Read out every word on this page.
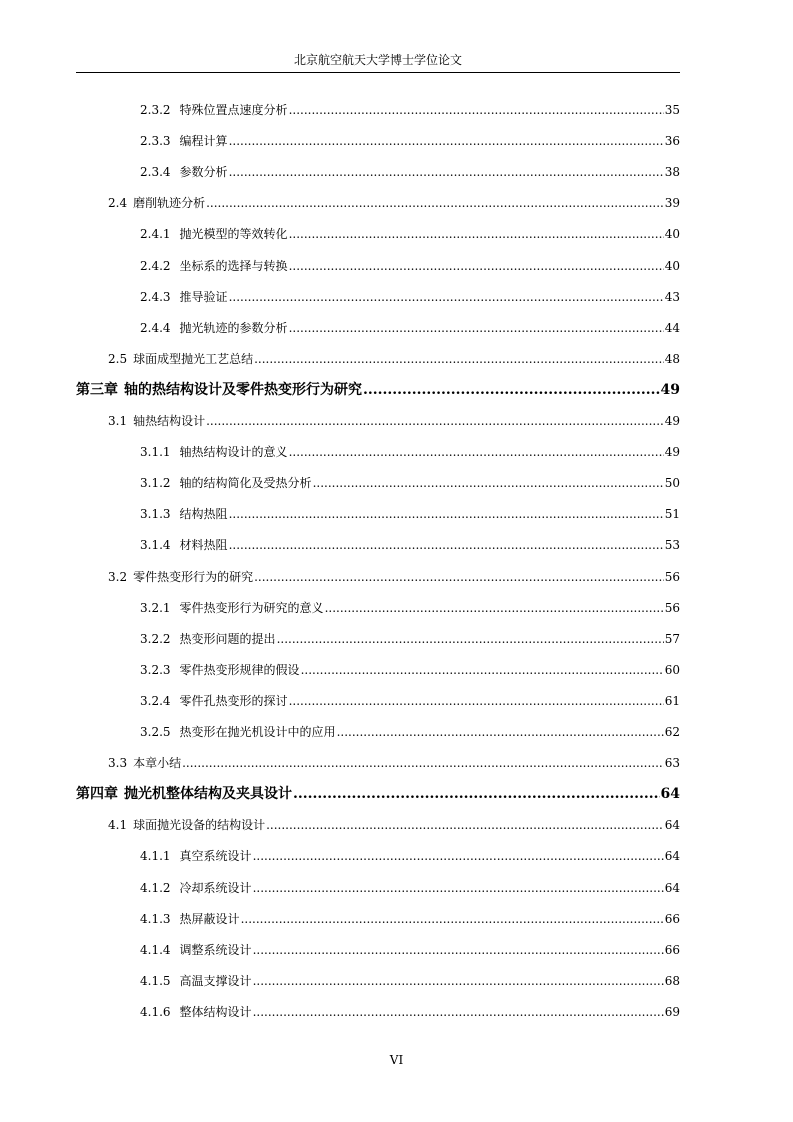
北京航空航天大学博士学位论文
2.3.2 特殊位置点速度分析 .....	35
2.3.3 编程计算 .....	36
2.3.4 参数分析 .....	38
2.4 磨削轨迹分析 .....	39
2.4.1 抛光模型的等效转化 .....	40
2.4.2 坐标系的选择与转换 .....	40
2.4.3 推导验证 .....	43
2.4.4 抛光轨迹的参数分析 .....	44
2.5 球面成型抛光工艺总结 .....	48
第三章 轴的热结构设计及零件热变形行为研究 .....	49
3.1 轴热结构设计 .....	49
3.1.1 轴热结构设计的意义 .....	49
3.1.2 轴的结构简化及受热分析 .....	50
3.1.3 结构热阻 .....	51
3.1.4 材料热阻 .....	53
3.2 零件热变形行为的研究 .....	56
3.2.1 零件热变形行为研究的意义 .....	56
3.2.2 热变形问题的提出 .....	57
3.2.3 零件热变形规律的假设 .....	60
3.2.4 零件孔热变形的探讨 .....	61
3.2.5 热变形在抛光机设计中的应用 .....	62
3.3 本章小结 .....	63
第四章 抛光机整体结构及夹具设计 .....	64
4.1 球面抛光设备的结构设计 .....	64
4.1.1 真空系统设计 .....	64
4.1.2 冷却系统设计 .....	64
4.1.3 热屏蔽设计 .....	66
4.1.4 调整系统设计 .....	66
4.1.5 高温支撑设计 .....	68
4.1.6 整体结构设计 .....	69
VI
